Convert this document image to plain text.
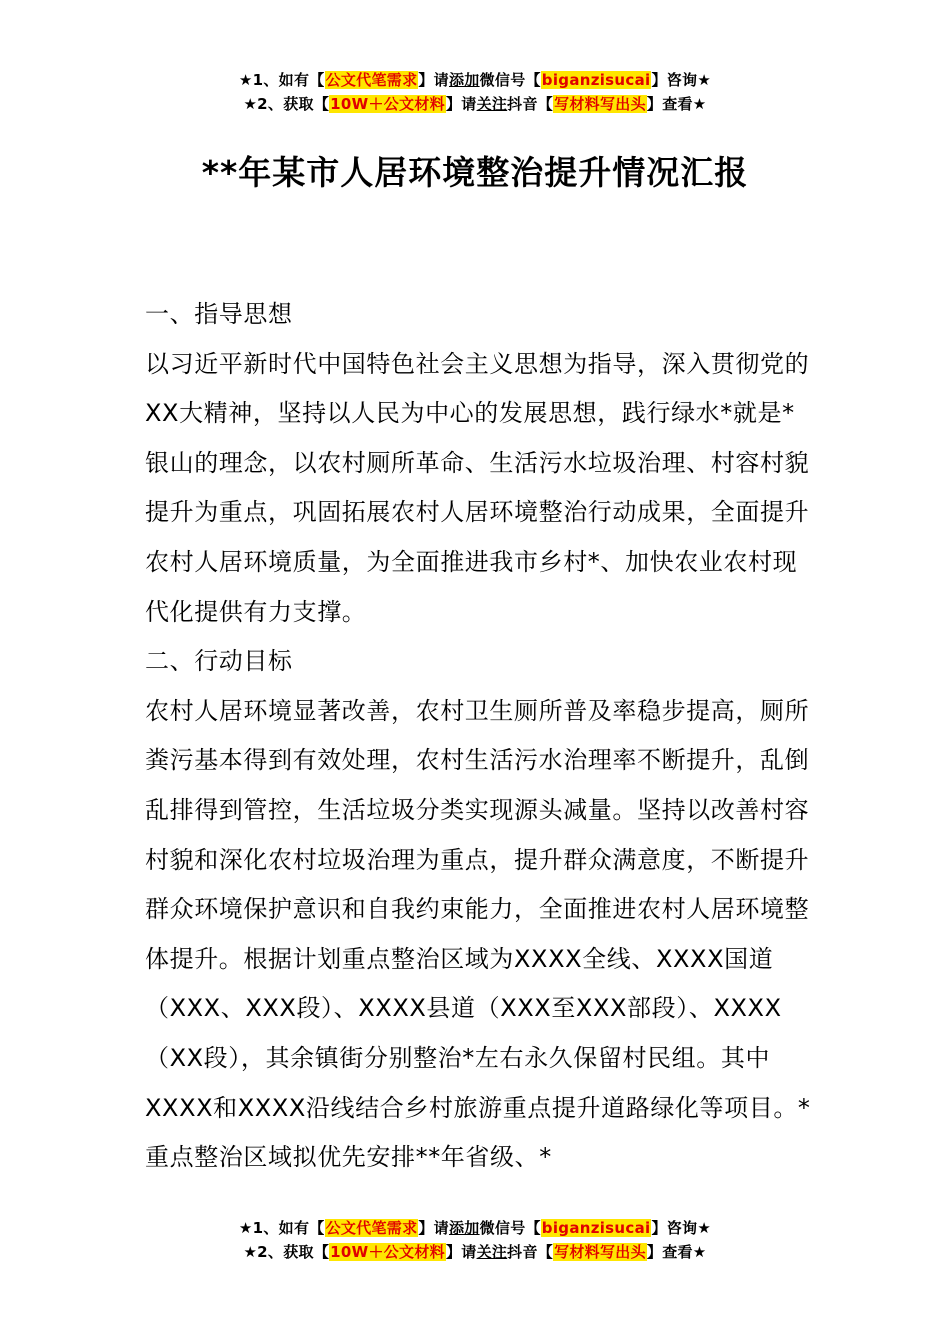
★1、如有【公文代笔需求】请添加微信号【biganzisucai】咨询★
★2、获取【10W＋公文材料】请关注抖音【写材料写出头】查看★
**年某市人居环境整治提升情况汇报

一、指导思想

以习近平新时代中国特色社会主义思想为指导，深入贯彻党的XX大精神，坚持以人民为中心的发展思想，践行绿水*就是*银山的理念，以农村厕所革命、生活污水垃圾治理、村容村貌提升为重点，巩固拓展农村人居环境整治行动成果，全面提升农村人居环境质量，为全面推进我市乡村*、加快农业农村现代化提供有力支撑。

二、行动目标

农村人居环境显著改善，农村卫生厕所普及率稳步提高，厕所粪污基本得到有效处理，农村生活污水治理率不断提升，乱倒乱排得到管控，生活垃圾分类实现源头减量。坚持以改善村容村貌和深化农村垃圾治理为重点，提升群众满意度，不断提升群众环境保护意识和自我约束能力，全面推进农村人居环境整体提升。根据计划重点整治区域为XXXX全线、XXXX国道（XXX、XXX段）、XXXX县道（XXX至XXX部段）、XXXX（XX段），其余镇街分别整治*左右永久保留村民组。其中XXXX和XXXX沿线结合乡村旅游重点提升道路绿化等项目。*重点整治区域拟优先安排**年省级、*

★1、如有【公文代笔需求】请添加微信号【biganzisucai】咨询★
★2、获取【10W＋公文材料】请关注抖音【写材料写出头】查看★
